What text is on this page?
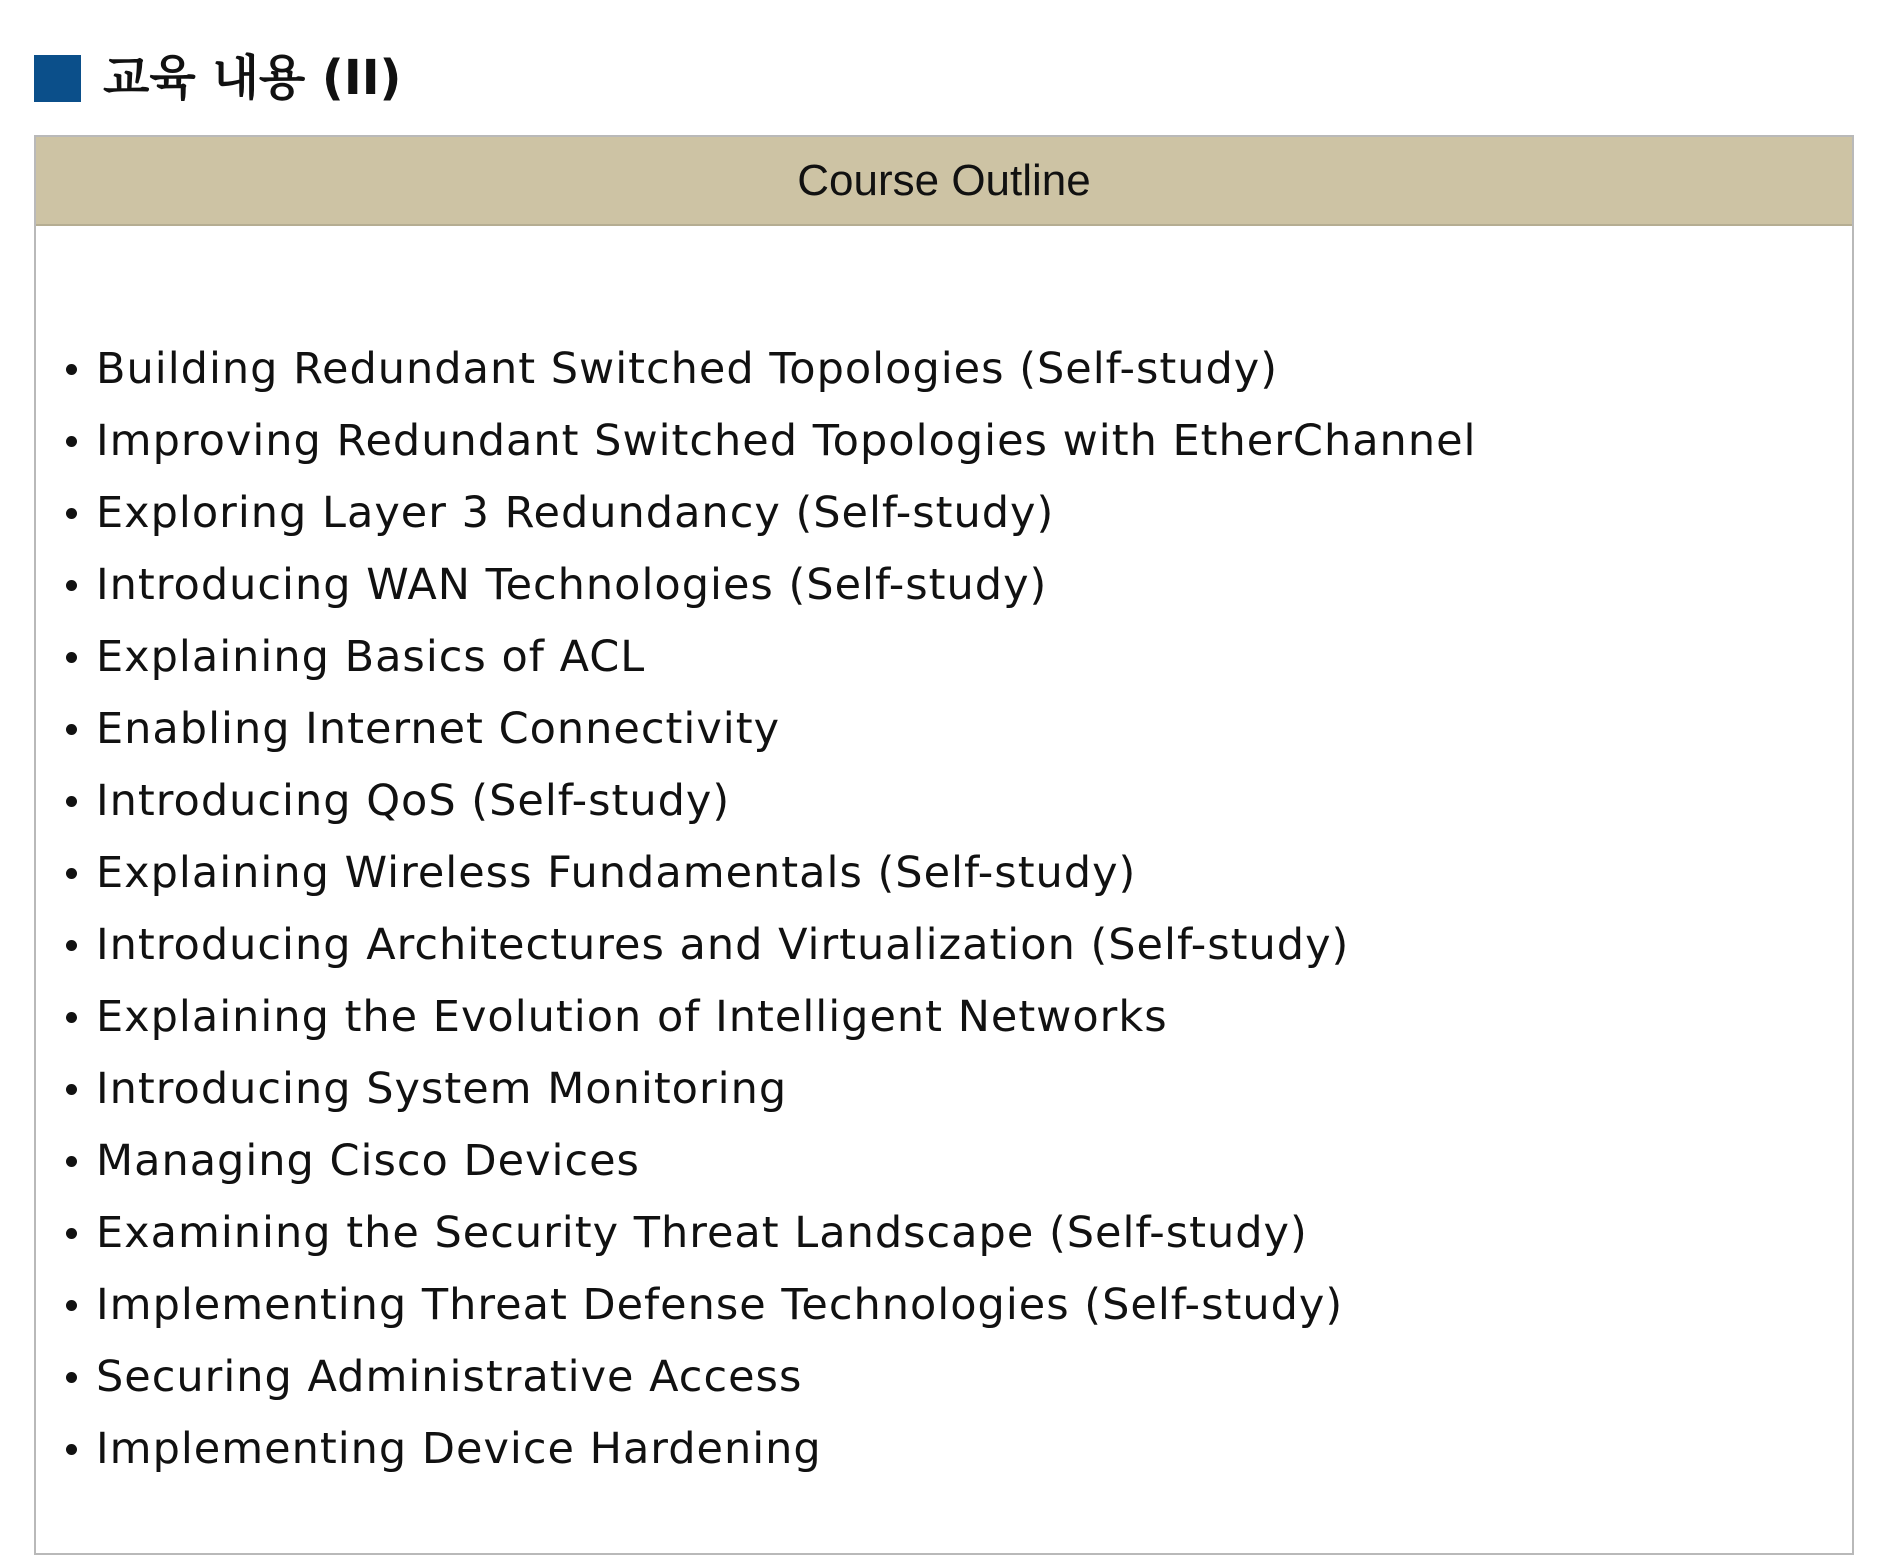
교육 내용 (II)
Course Outline
Building Redundant Switched Topologies (Self-study)
Improving Redundant Switched Topologies with EtherChannel
Exploring Layer 3 Redundancy (Self-study)
Introducing WAN Technologies (Self-study)
Explaining Basics of ACL
Enabling Internet Connectivity
Introducing QoS (Self-study)
Explaining Wireless Fundamentals (Self-study)
Introducing Architectures and Virtualization (Self-study)
Explaining the Evolution of Intelligent Networks
Introducing System Monitoring
Managing Cisco Devices
Examining the Security Threat Landscape (Self-study)
Implementing Threat Defense Technologies (Self-study)
Securing Administrative Access
Implementing Device Hardening
